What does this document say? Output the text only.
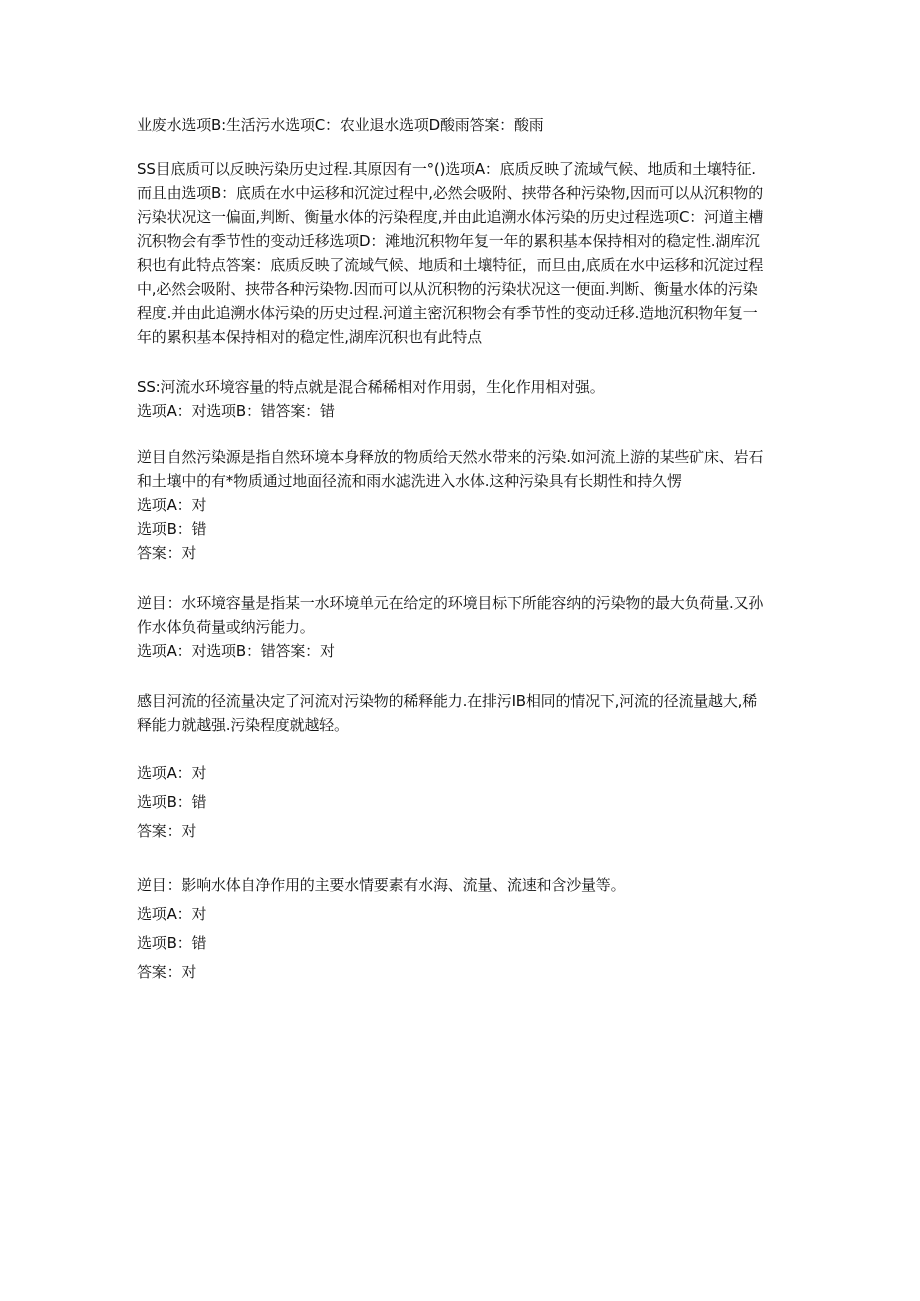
业废水选项B:生活污水选项C：农业退水选项D酸雨答案：酸雨
SS目底质可以反映污染历史过程.其原因有一°()选项A：底质反映了流域气候、地质和土壤特征.
而且由选项B：底质在水中运移和沉淀过程中,必然会吸附、挟带各种污染物,因而可以从沉积物的
污染状况这一偏面,判断、衡量水体的污染程度,并由此追溯水体污染的历史过程选项C：河道主槽
沉积物会有季节性的变动迁移选项D：滩地沉积物年复一年的累积基本保持相对的稳定性.湖库沉
积也有此特点答案：底质反映了流域气候、地质和土壤特征，而旦由,底质在水中运移和沉淀过程
中,必然会吸附、挟带各种污染物.因而可以从沉积物的污染状况这一便面.判断、衡量水体的污染
程度.并由此追溯水体污染的历史过程.河道主密沉积物会有季节性的变动迁移.造地沉积物年复一
年的累积基本保持相对的稳定性,湖库沉积也有此特点
SS:河流水环境容量的特点就是混合稀稀相对作用弱，生化作用相对强。
选项A：对选项B：错答案：错
逆目自然污染源是指自然环境本身释放的物质给天然水带来的污染.如河流上游的某些矿床、岩石
和土壤中的有*物质通过地面径流和雨水滤洗进入水体.这种污染具有长期性和持久愣
选项A：对
选项B：错
答案：对
逆目：水环境容量是指某一水环境单元在给定的环境目标下所能容纳的污染物的最大负荷量.又孙
作水体负荷量或纳污能力。
选项A：对选项B：错答案：对
感目河流的径流量决定了河流对污染物的稀释能力.在排污IB相同的情况下,河流的径流量越大,稀
释能力就越强.污染程度就越轻。
选项A：对
选项B：错
答案：对
逆目：影响水体自净作用的主要水情要素有水海、流量、流速和含沙量等。
选项A：对
选项B：错
答案：对
